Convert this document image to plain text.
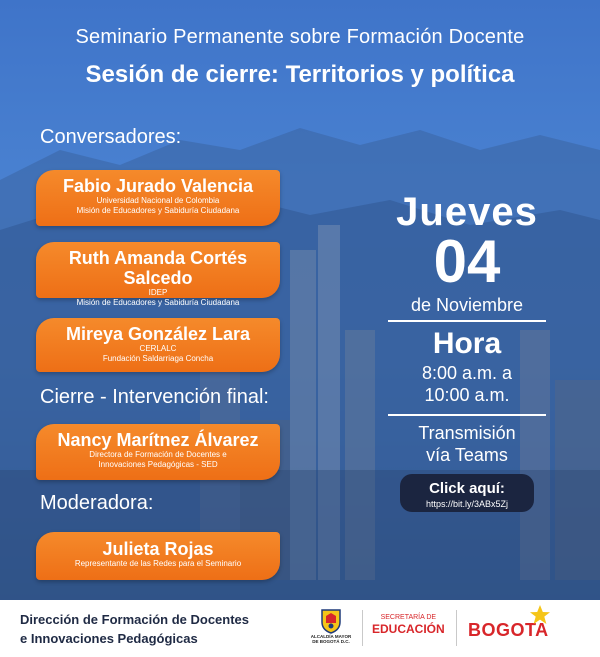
Seminario Permanente sobre Formación Docente
Sesión de cierre: Territorios y política
Conversadores:
Fabio Jurado Valencia
Universidad Nacional de Colombia
Misión de Educadores y Sabiduría Ciudadana
Ruth Amanda Cortés Salcedo
IDEP
Misión de Educadores y Sabiduría Ciudadana
Mireya González Lara
CERLALC
Fundación Saldarriaga Concha
Cierre - Intervención final:
Nancy Marítnez Álvarez
Directora de Formación de Docentes e
Innovaciones Pedagógicas - SED
Moderadora:
Julieta Rojas
Representante de las Redes para el Seminario
Jueves
04
de Noviembre
Hora
8:00 a.m. a
10:00 a.m.
Transmisión
vía Teams
Click aquí:
https://bit.ly/3ABx5Zj
Dirección de Formación de Docentes
e Innovaciones Pedagógicas	ALCALDÍA MAYOR
DE BOGOTÁ D.C.
SECRETARÍA DE
EDUCACIÓN BOGOTA
